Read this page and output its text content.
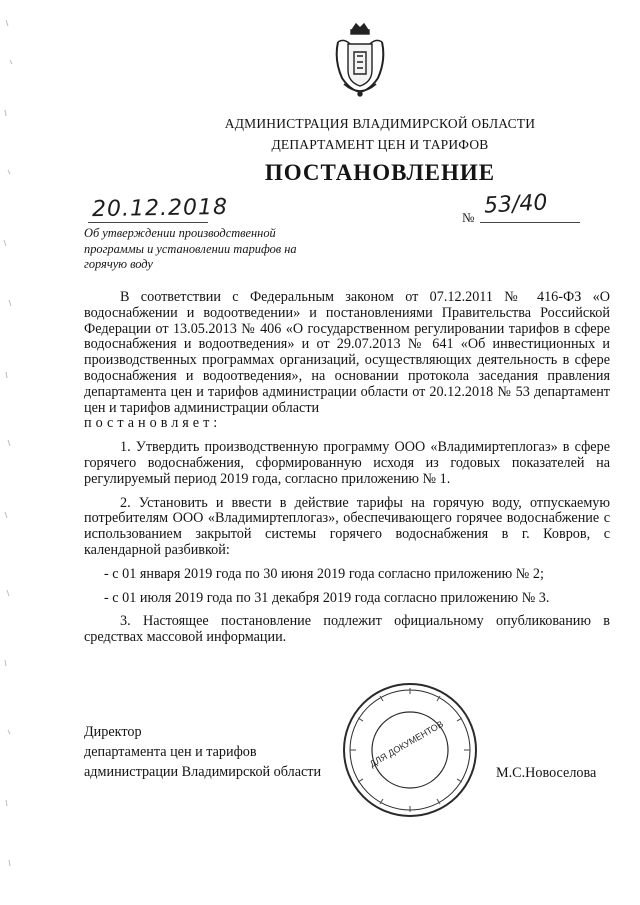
АДМИНИСТРАЦИЯ ВЛАДИМИРСКОЙ ОБЛАСТИ
ДЕПАРТАМЕНТ ЦЕН И ТАРИФОВ
ПОСТАНОВЛЕНИЕ
20.12.2018	№ 53/40
Об утверждении производственной программы и установлении тарифов на горячую воду

В соответствии с Федеральным законом от 07.12.2011 № 416-ФЗ «О водоснабжении и водоотведении» и постановлениями Правительства Российской Федерации от 13.05.2013 № 406 «О государственном регулировании тарифов в сфере водоснабжения и водоотведения» и от 29.07.2013 № 641 «Об инвестиционных и производственных программах организаций, осуществляющих деятельность в сфере водоснабжения и водоотведения», на основании протокола заседания правления департамента цен и тарифов администрации области от 20.12.2018 № 53 департамент цен и тарифов администрации области

постановляет:

1. Утвердить производственную программу ООО «Владимиртеплогаз» в сфере горячего водоснабжения, сформированную исходя из годовых показателей на регулируемый период 2019 года, согласно приложению № 1.

2. Установить и ввести в действие тарифы на горячую воду, отпускаемую потребителям ООО «Владимиртеплогаз», обеспечивающего горячее водоснабжение с использованием закрытой системы горячего водоснабжения в г. Ковров, с календарной разбивкой:

- с 01 января 2019 года по 30 июня 2019 года согласно приложению № 2;

- с 01 июля 2019 года по 31 декабря 2019 года согласно приложению № 3.

3. Настоящее постановление подлежит официальному опубликованию в средствах массовой информации.

Директор
департамента цен и тарифов
администрации Владимирской области
ДЛЯ ДОКУМЕНТОВ
М.С.Новоселова
